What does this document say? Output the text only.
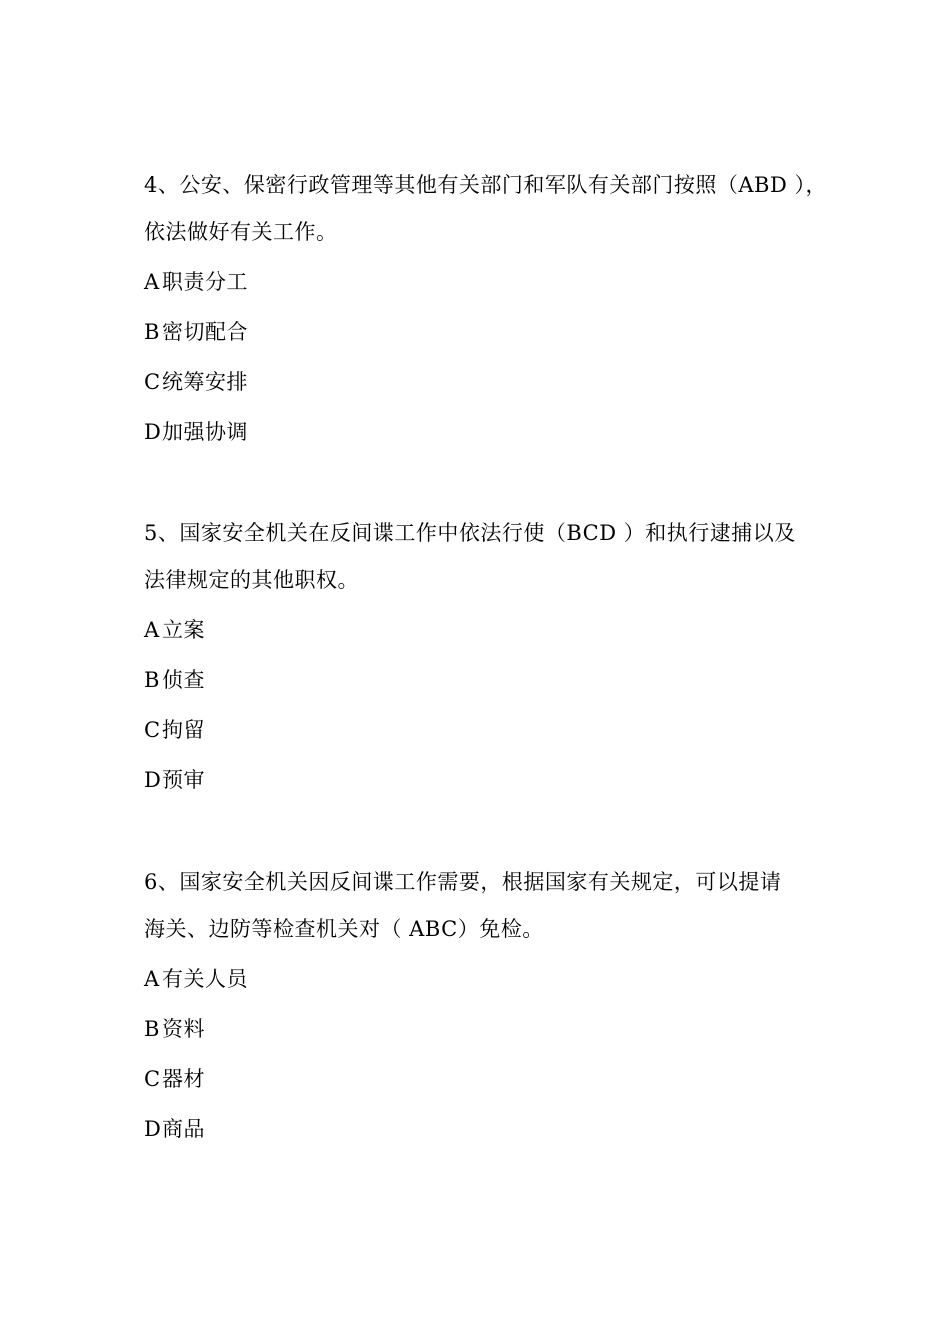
4、公安、保密行政管理等其他有关部门和军队有关部门按照（ABD ），
依法做好有关工作。
A 职责分工
B密切配合
C统筹安排
D加强协调
5、国家安全机关在反间谍工作中依法行使（BCD ）和执行逮捕以及
法律规定的其他职权。
A 立案
B侦查
C拘留
D预审
6、国家安全机关因反间谍工作需要，根据国家有关规定，可以提请
海关、边防等检查机关对（ ABC）免检。
A 有关人员
B资料
C器材
D商品
